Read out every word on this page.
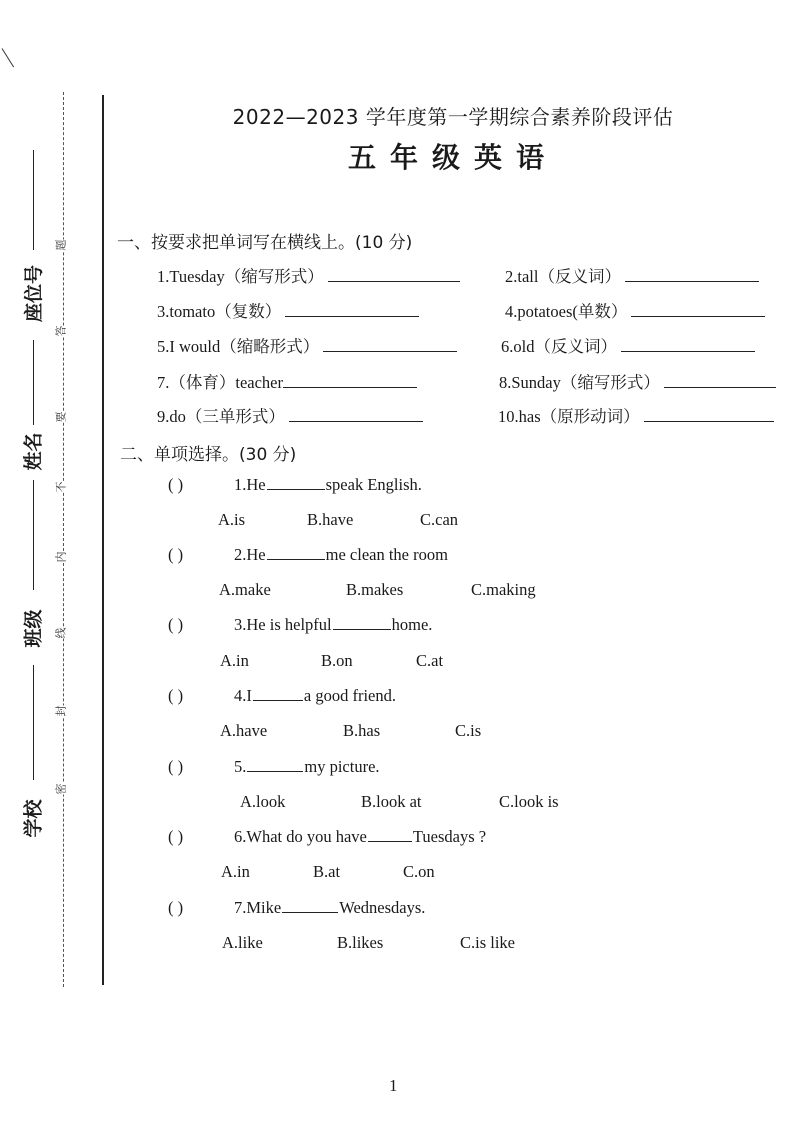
座位号
姓名
班级
学校
题
答
要
不
内
线
封
密
2022—2023 学年度第一学期综合素养阶段评估
五年级英语
一、按要求把单词写在横线上。(10 分)
1.Tuesday（缩写形式）	2.tall（反义词）
3.tomato（复数）	4.potatoes(单数）
5.I would（缩略形式）	6.old（反义词）
7.（体育）teacher	8.Sunday（缩写形式）
9.do（三单形式）	10.has（原形动词）
二、单项选择。(30 分)
( )	1.He	speak English.
A.is	B.have	C.can
( )	2.He	me clean the room
A.make	B.makes	C.making
( )	3.He is helpful	home.
A.in	B.on	C.at
( )	4.I	a good friend.
A.have	B.has	C.is
( )	5.	my picture.
A.look	B.look at	C.look is
( )	6.What do you have	Tuesdays ?
A.in	B.at	C.on
( )	7.Mike	Wednesdays.
A.like	B.likes	C.is like
1
